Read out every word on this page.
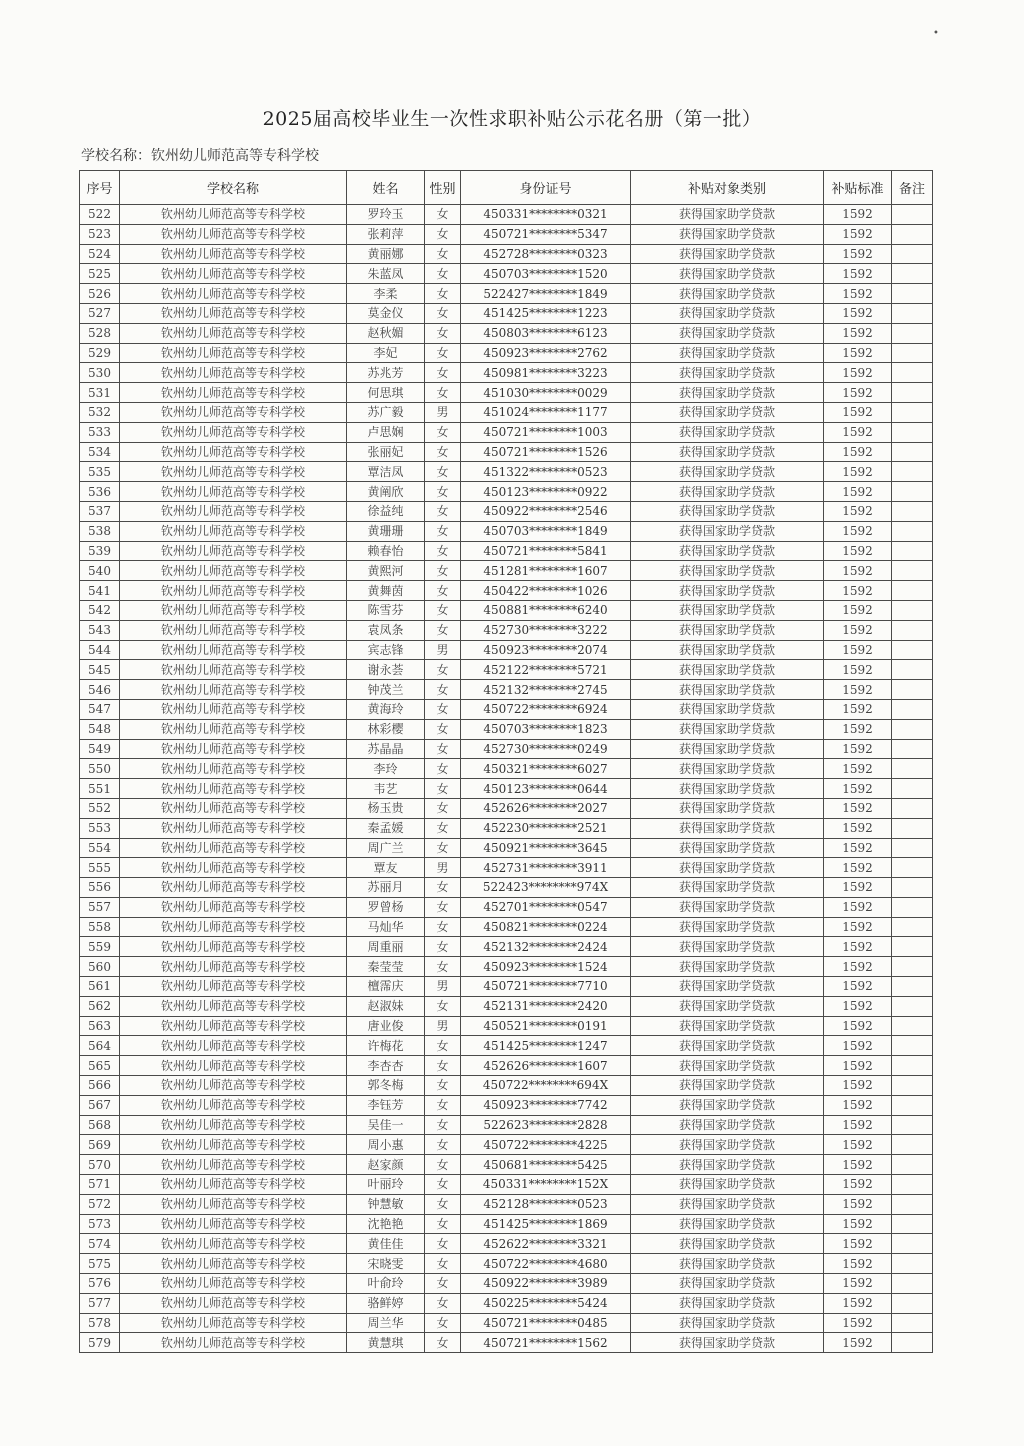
2025届高校毕业生一次性求职补贴公示花名册（第一批）
学校名称：钦州幼儿师范高等专科学校
序号	学校名称	姓名	性别	身份证号	补贴对象类别	补贴标准	备注
522	钦州幼儿师范高等专科学校	罗玲玉	女	450331********0321	获得国家助学贷款	1592	
523	钦州幼儿师范高等专科学校	张莉萍	女	450721********5347	获得国家助学贷款	1592	
524	钦州幼儿师范高等专科学校	黄丽娜	女	452728********0323	获得国家助学贷款	1592	
525	钦州幼儿师范高等专科学校	朱蓝凤	女	450703********1520	获得国家助学贷款	1592	
526	钦州幼儿师范高等专科学校	李柔	女	522427********1849	获得国家助学贷款	1592	
527	钦州幼儿师范高等专科学校	莫金仪	女	451425********1223	获得国家助学贷款	1592	
528	钦州幼儿师范高等专科学校	赵秋媚	女	450803********6123	获得国家助学贷款	1592	
529	钦州幼儿师范高等专科学校	李妃	女	450923********2762	获得国家助学贷款	1592	
530	钦州幼儿师范高等专科学校	苏兆芳	女	450981********3223	获得国家助学贷款	1592	
531	钦州幼儿师范高等专科学校	何思琪	女	451030********0029	获得国家助学贷款	1592	
532	钦州幼儿师范高等专科学校	苏广毅	男	451024********1177	获得国家助学贷款	1592	
533	钦州幼儿师范高等专科学校	卢思娴	女	450721********1003	获得国家助学贷款	1592	
534	钦州幼儿师范高等专科学校	张丽妃	女	450721********1526	获得国家助学贷款	1592	
535	钦州幼儿师范高等专科学校	覃洁凤	女	451322********0523	获得国家助学贷款	1592	
536	钦州幼儿师范高等专科学校	黄阐欣	女	450123********0922	获得国家助学贷款	1592	
537	钦州幼儿师范高等专科学校	徐益纯	女	450922********2546	获得国家助学贷款	1592	
538	钦州幼儿师范高等专科学校	黄珊珊	女	450703********1849	获得国家助学贷款	1592	
539	钦州幼儿师范高等专科学校	赖春怡	女	450721********5841	获得国家助学贷款	1592	
540	钦州幼儿师范高等专科学校	黄熙河	女	451281********1607	获得国家助学贷款	1592	
541	钦州幼儿师范高等专科学校	黄舞茵	女	450422********1026	获得国家助学贷款	1592	
542	钦州幼儿师范高等专科学校	陈雪芬	女	450881********6240	获得国家助学贷款	1592	
543	钦州幼儿师范高等专科学校	袁凤条	女	452730********3222	获得国家助学贷款	1592	
544	钦州幼儿师范高等专科学校	宾志锋	男	450923********2074	获得国家助学贷款	1592	
545	钦州幼儿师范高等专科学校	谢永荟	女	452122********5721	获得国家助学贷款	1592	
546	钦州幼儿师范高等专科学校	钟茂兰	女	452132********2745	获得国家助学贷款	1592	
547	钦州幼儿师范高等专科学校	黄海玲	女	450722********6924	获得国家助学贷款	1592	
548	钦州幼儿师范高等专科学校	林彩樱	女	450703********1823	获得国家助学贷款	1592	
549	钦州幼儿师范高等专科学校	苏晶晶	女	452730********0249	获得国家助学贷款	1592	
550	钦州幼儿师范高等专科学校	李玲	女	450321********6027	获得国家助学贷款	1592	
551	钦州幼儿师范高等专科学校	韦艺	女	450123********0644	获得国家助学贷款	1592	
552	钦州幼儿师范高等专科学校	杨玉贵	女	452626********2027	获得国家助学贷款	1592	
553	钦州幼儿师范高等专科学校	秦孟媛	女	452230********2521	获得国家助学贷款	1592	
554	钦州幼儿师范高等专科学校	周广兰	女	450921********3645	获得国家助学贷款	1592	
555	钦州幼儿师范高等专科学校	覃友	男	452731********3911	获得国家助学贷款	1592	
556	钦州幼儿师范高等专科学校	苏丽月	女	522423********974X	获得国家助学贷款	1592	
557	钦州幼儿师范高等专科学校	罗曾杨	女	452701********0547	获得国家助学贷款	1592	
558	钦州幼儿师范高等专科学校	马灿华	女	450821********0224	获得国家助学贷款	1592	
559	钦州幼儿师范高等专科学校	周重丽	女	452132********2424	获得国家助学贷款	1592	
560	钦州幼儿师范高等专科学校	秦莹莹	女	450923********1524	获得国家助学贷款	1592	
561	钦州幼儿师范高等专科学校	檀霈庆	男	450721********7710	获得国家助学贷款	1592	
562	钦州幼儿师范高等专科学校	赵淑妹	女	452131********2420	获得国家助学贷款	1592	
563	钦州幼儿师范高等专科学校	唐业俊	男	450521********0191	获得国家助学贷款	1592	
564	钦州幼儿师范高等专科学校	许梅花	女	451425********1247	获得国家助学贷款	1592	
565	钦州幼儿师范高等专科学校	李杏杏	女	452626********1607	获得国家助学贷款	1592	
566	钦州幼儿师范高等专科学校	郭冬梅	女	450722********694X	获得国家助学贷款	1592	
567	钦州幼儿师范高等专科学校	李钰芳	女	450923********7742	获得国家助学贷款	1592	
568	钦州幼儿师范高等专科学校	吴佳一	女	522623********2828	获得国家助学贷款	1592	
569	钦州幼儿师范高等专科学校	周小惠	女	450722********4225	获得国家助学贷款	1592	
570	钦州幼儿师范高等专科学校	赵家颜	女	450681********5425	获得国家助学贷款	1592	
571	钦州幼儿师范高等专科学校	叶丽玲	女	450331********152X	获得国家助学贷款	1592	
572	钦州幼儿师范高等专科学校	钟慧敏	女	452128********0523	获得国家助学贷款	1592	
573	钦州幼儿师范高等专科学校	沈艳艳	女	451425********1869	获得国家助学贷款	1592	
574	钦州幼儿师范高等专科学校	黄佳佳	女	452622********3321	获得国家助学贷款	1592	
575	钦州幼儿师范高等专科学校	宋晓雯	女	450722********4680	获得国家助学贷款	1592	
576	钦州幼儿师范高等专科学校	叶俞玲	女	450922********3989	获得国家助学贷款	1592	
577	钦州幼儿师范高等专科学校	骆鲜婷	女	450225********5424	获得国家助学贷款	1592	
578	钦州幼儿师范高等专科学校	周兰华	女	450721********0485	获得国家助学贷款	1592	
579	钦州幼儿师范高等专科学校	黄慧琪	女	450721********1562	获得国家助学贷款	1592	
•
